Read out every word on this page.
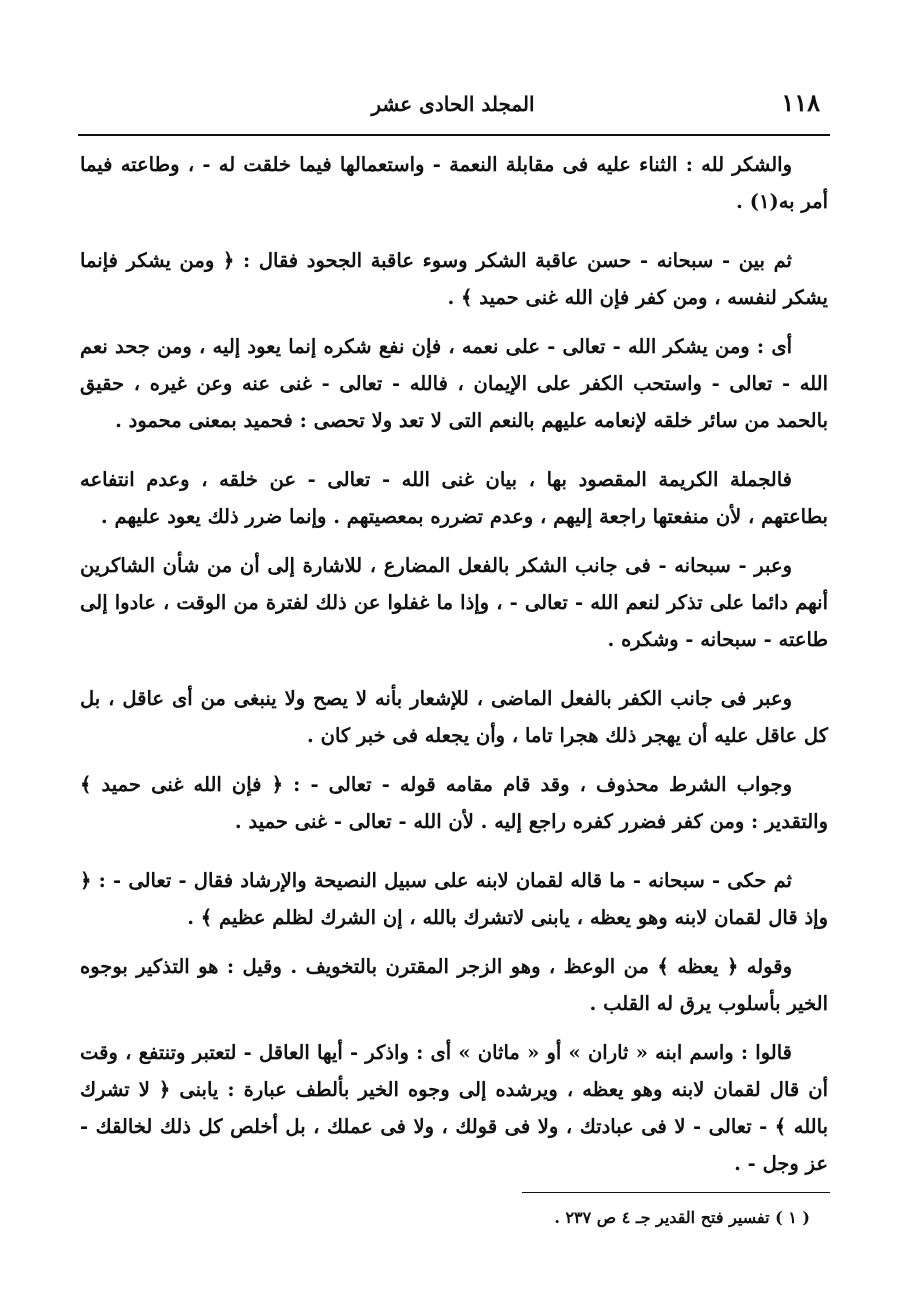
١١٨
المجلد الحادى عشر

والشكر لله : الثناء عليه فى مقابلة النعمة - واستعمالها فيما خلقت له - ، وطاعته فيما أمر به(١) .

ثم بين - سبحانه - حسن عاقبة الشكر وسوء عاقبة الجحود فقال : ﴿ ومن يشكر فإنما يشكر لنفسه ، ومن كفر فإن الله غنى حميد ﴾ .

أى : ومن يشكر الله - تعالى - على نعمه ، فإن نفع شكره إنما يعود إليه ، ومن جحد نعم الله - تعالى - واستحب الكفر على الإيمان ، فالله - تعالى - غنى عنه وعن غيره ، حقيق بالحمد من سائر خلقه لإنعامه عليهم بالنعم التى لا تعد ولا تحصى : فحميد بمعنى محمود .

فالجملة الكريمة المقصود بها ، بيان غنى الله - تعالى - عن خلقه ، وعدم انتفاعه بطاعتهم ، لأن منفعتها راجعة إليهم ، وعدم تضرره بمعصيتهم . وإنما ضرر ذلك يعود عليهم .

وعبر - سبحانه - فى جانب الشكر بالفعل المضارع ، للاشارة إلى أن من شأن الشاكرين أنهم دائما على تذكر لنعم الله - تعالى - ، وإذا ما غفلوا عن ذلك لفترة من الوقت ، عادوا إلى طاعته - سبحانه - وشكره .

وعبر فى جانب الكفر بالفعل الماضى ، للإشعار بأنه لا يصح ولا ينبغى من أى عاقل ، بل كل عاقل عليه أن يهجر ذلك هجرا تاما ، وأن يجعله فى خبر كان .

وجواب الشرط محذوف ، وقد قام مقامه قوله - تعالى - : ﴿ فإن الله غنى حميد ﴾ والتقدير : ومن كفر فضرر كفره راجع إليه . لأن الله - تعالى - غنى حميد .

ثم حكى - سبحانه - ما قاله لقمان لابنه على سبيل النصيحة والإرشاد فقال - تعالى - : ﴿ وإذ قال لقمان لابنه وهو يعظه ، يابنى لاتشرك بالله ، إن الشرك لظلم عظيم ﴾ .

وقوله ﴿ يعظه ﴾ من الوعظ ، وهو الزجر المقترن بالتخويف . وقيل : هو التذكير بوجوه الخير بأسلوب يرق له القلب .

قالوا : واسم ابنه « ثاران » أو « ماثان » أى : واذكر - أيها العاقل - لتعتبر وتنتفع ، وقت أن قال لقمان لابنه وهو يعظه ، ويرشده إلى وجوه الخير بألطف عبارة : يابنى ﴿ لا تشرك بالله ﴾ - تعالى - لا فى عبادتك ، ولا فى قولك ، ولا فى عملك ، بل أخلص كل ذلك لخالقك - عز وجل - .

( ١ ) تفسير فتح القدير جـ ٤ ص ٢٣٧ .
